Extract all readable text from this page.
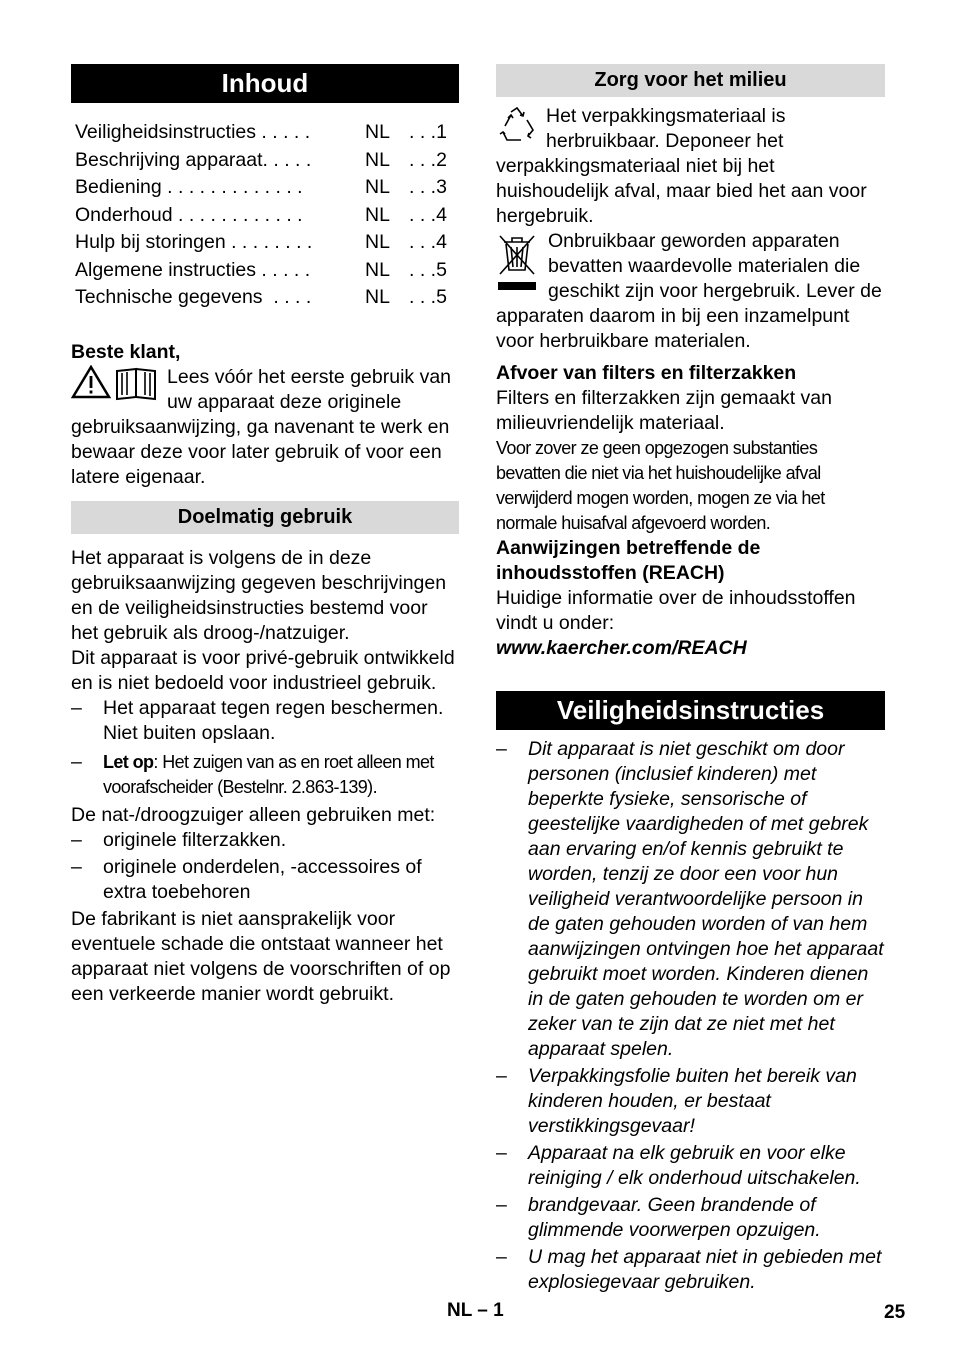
Inhoud
Veiligheidsinstructies . . . . .	NL . . .1
Beschrijving apparaat. . . . .	NL . . .2
Bediening . . . . . . . . . . . . .	NL . . .3
Onderhoud . . . . . . . . . . . .	NL . . .4
Hulp bij storingen . . . . . . . .	NL . . .4
Algemene instructies . . . . .	NL . . .5
Technische gegevens  . . . .	NL . . .5

Beste klant,

Lees vóór het eerste gebruik van uw apparaat deze originele gebruiksaanwijzing, ga navenant te werk en bewaar deze voor later gebruik of voor een latere eigenaar.
Doelmatig gebruik

Het apparaat is volgens de in deze gebruiksaanwijzing gegeven beschrijvingen en de veiligheidsinstructies bestemd voor het gebruik als droog-/natzuiger.

Dit apparaat is voor privé-gebruik ontwikkeld en is niet bedoeld voor industrieel gebruik.

– Het apparaat tegen regen beschermen. Niet buiten opslaan.
– Let op: Het zuigen van as en roet alleen met voorafscheider (Bestelnr. 2.863-139).

De nat-/droogzuiger alleen gebruiken met:

– originele filterzakken.
– originele onderdelen, -accessoires of extra toebehoren

De fabrikant is niet aansprakelijk voor eventuele schade die ontstaat wanneer het apparaat niet volgens de voorschriften of op een verkeerde manier wordt gebruikt.

Zorg voor het milieu
Het verpakkingsmateriaal is herbruikbaar. Deponeer het verpakkingsmateriaal niet bij het huishoudelijk afval, maar bied het aan voor hergebruik.
Onbruikbaar geworden apparaten bevatten waardevolle materialen die geschikt zijn voor hergebruik. Lever de apparaten daarom in bij een inzamelpunt voor herbruikbare materialen.

Afvoer van filters en filterzakken

Filters en filterzakken zijn gemaakt van milieuvriendelijk materiaal.

Voor zover ze geen opgezogen substanties bevatten die niet via het huishoudelijke afval verwijderd mogen worden, mogen ze via het normale huisafval afgevoerd worden.

Aanwijzingen betreffende de inhoudsstoffen (REACH)

Huidige informatie over de inhoudsstoffen vindt u onder:

www.kaercher.com/REACH

Veiligheidsinstructies
– Dit apparaat is niet geschikt om door personen (inclusief kinderen) met beperkte fysieke, sensorische of geestelijke vaardigheden of met gebrek aan ervaring en/of kennis gebruikt te worden, tenzij ze door een voor hun veiligheid verantwoordelijke persoon in de gaten gehouden worden of van hem aanwijzingen ontvingen hoe het apparaat gebruikt moet worden. Kinderen dienen in de gaten gehouden te worden om er zeker van te zijn dat ze niet met het apparaat spelen.
– Verpakkingsfolie buiten het bereik van kinderen houden, er bestaat verstikkingsgevaar!
– Apparaat na elk gebruik en voor elke reiniging / elk onderhoud uitschakelen.
– brandgevaar. Geen brandende of glimmende voorwerpen opzuigen.
– U mag het apparaat niet in gebieden met explosiegevaar gebruiken.
NL – 1	25
